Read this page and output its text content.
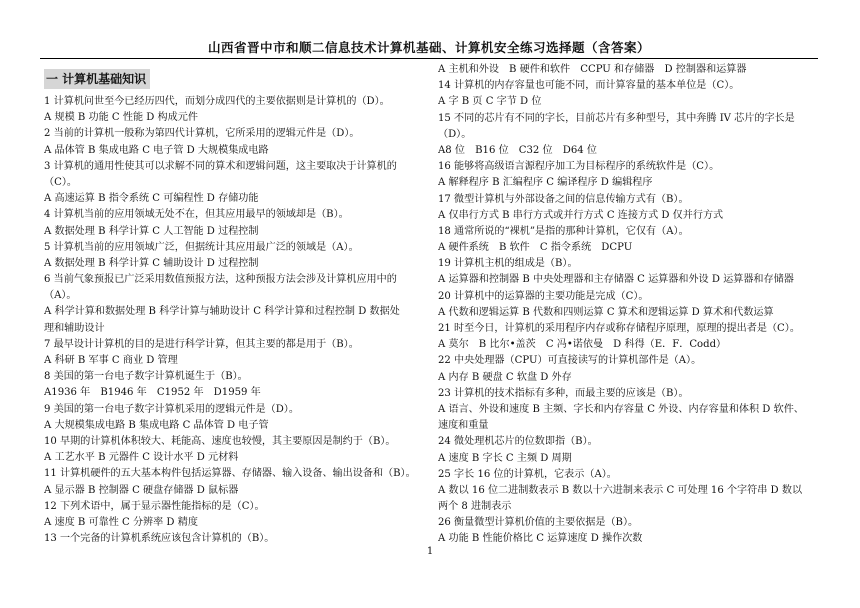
山西省晋中市和顺二信息技术计算机基础、计算机安全练习选择题（含答案）
一 计算机基础知识
1 计算机问世至今已经历四代，而划分成四代的主要依据则是计算机的（D）。
A 规模 B 功能 C 性能 D 构成元件
2 当前的计算机一般称为第四代计算机，它所采用的逻辑元件是（D）。
A 晶体管 B 集成电路 C 电子管 D 大规模集成电路
3 计算机的通用性使其可以求解不同的算术和逻辑问题，这主要取决于计算机的
（C）。
A 高速运算 B 指令系统 C 可编程性 D 存储功能
4 计算机当前的应用领域无处不在，但其应用最早的领域却是（B）。
A 数据处理 B 科学计算 C 人工智能 D 过程控制
5 计算机当前的应用领域广泛，但据统计其应用最广泛的领域是（A）。
A 数据处理 B 科学计算 C 辅助设计 D 过程控制
6 当前气象预报已广泛采用数值预报方法，这种预报方法会涉及计算机应用中的
（A）。
A 科学计算和数据处理 B 科学计算与辅助设计 C 科学计算和过程控制 D 数据处
理和辅助设计
7 最早设计计算机的目的是进行科学计算，但其主要的都是用于（B）。
A 科研 B 军事 C 商业 D 管理
8 美国的第一台电子数字计算机诞生于（B）。
A1936 年　B1946 年　C1952 年　D1959 年
9 美国的第一台电子数字计算机采用的逻辑元件是（D）。
A 大规模集成电路 B 集成电路 C 晶体管 D 电子管
10 早期的计算机体积较大、耗能高、速度也较慢，其主要原因是制约于（B）。
A 工艺水平 B 元器件 C 设计水平 D 元材料
11 计算机硬件的五大基本构件包括运算器、存储器、输入设备、输出设备和（B）。
A 显示器 B 控制器 C 硬盘存储器 D 鼠标器
12 下列术语中，属于显示器性能指标的是（C）。
A 速度 B 可靠性 C 分辨率 D 精度
13 一个完备的计算机系统应该包含计算机的（B）。
A 主机和外设　B 硬件和软件　CCPU 和存储器　D 控制器和运算器
14 计算机的内存容量也可能不同，而计算容量的基本单位是（C）。
A 字 B 页 C 字节 D 位
15 不同的芯片有不同的字长，目前芯片有多种型号，其中奔腾 IV 芯片的字长是
（D）。
A8 位　B16 位　C32 位　D64 位
16 能够将高级语言源程序加工为目标程序的系统软件是（C）。
A 解释程序 B 汇编程序 C 编译程序 D 编辑程序
17 微型计算机与外部设备之间的信息传输方式有（B）。
A 仅串行方式 B 串行方式或并行方式 C 连接方式 D 仅并行方式
18 通常所说的“裸机”是指的那种计算机，它仅有（A）。
A 硬件系统　B 软件　C 指令系统　DCPU
19 计算机主机的组成是（B）。
A 运算器和控制器 B 中央处理器和主存储器 C 运算器和外设 D 运算器和存储器
20 计算机中的运算器的主要功能是完成（C）。
A 代数和逻辑运算 B 代数和四则运算 C 算术和逻辑运算 D 算术和代数运算
21 时至今日，计算机的采用程序内存或称存储程序原理，原理的提出者是（C）。
A 莫尔　B 比尔•盖茨　C 冯•诺依曼　D 科得（E．F．Codd）
22 中央处理器（CPU）可直接读写的计算机部件是（A）。
A 内存 B 硬盘 C 软盘 D 外存
23 计算机的技术指标有多种，而最主要的应该是（B）。
A 语言、外设和速度 B 主频、字长和内存容量 C 外设、内存容量和体积 D 软件、
速度和重量
24 微处理机芯片的位数即指（B）。
A 速度 B 字长 C 主频 D 周期
25 字长 16 位的计算机，它表示（A）。
A 数以 16 位二进制数表示 B 数以十六进制来表示 C 可处理 16 个字符串 D 数以
两个 8 进制表示
26 衡量微型计算机价值的主要依据是（B）。
A 功能 B 性能价格比 C 运算速度 D 操作次数
1
